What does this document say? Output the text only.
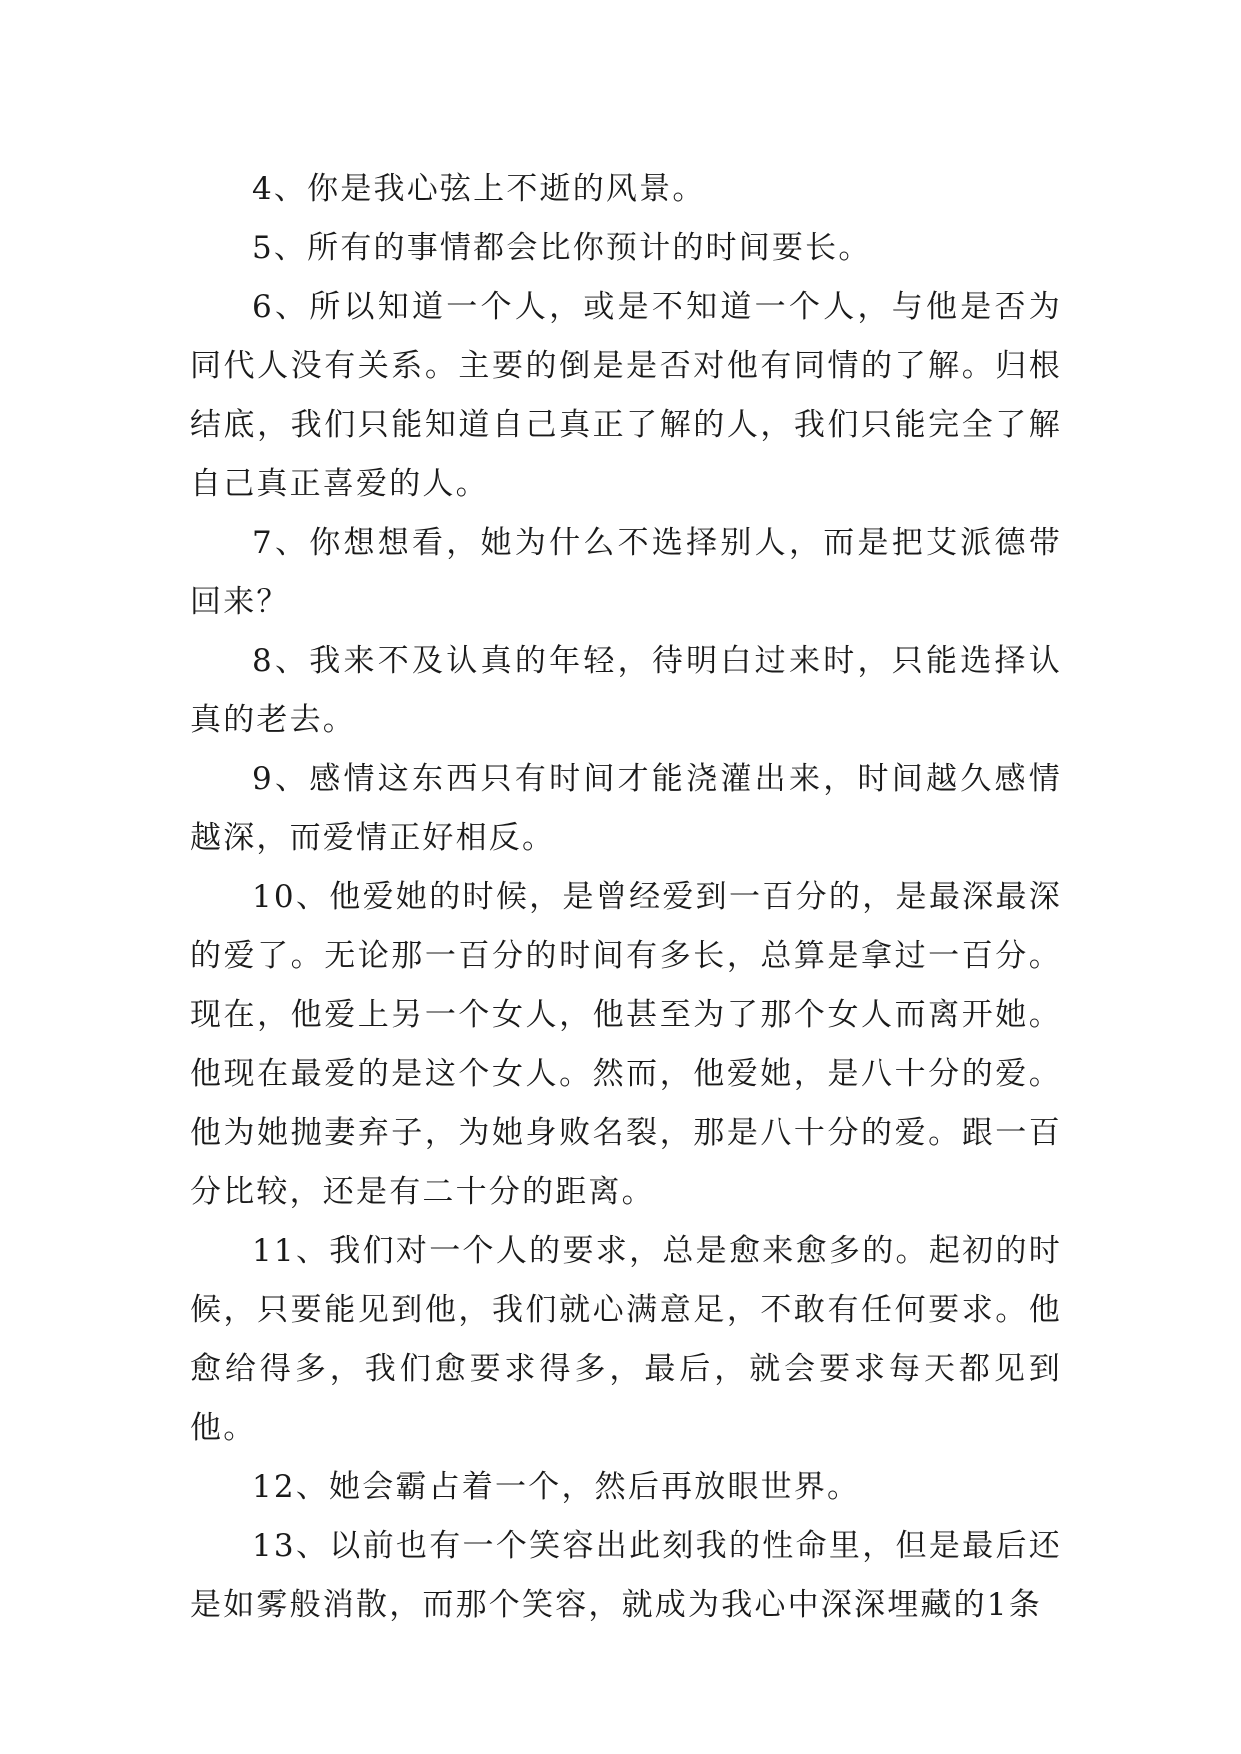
4、你是我心弦上不逝的风景。

5、所有的事情都会比你预计的时间要长。

6、所以知道一个人，或是不知道一个人，与他是否为同代人没有关系。主要的倒是是否对他有同情的了解。归根结底，我们只能知道自己真正了解的人，我们只能完全了解自己真正喜爱的人。

7、你想想看，她为什么不选择别人，而是把艾派德带回来？

8、我来不及认真的年轻，待明白过来时，只能选择认真的老去。

9、感情这东西只有时间才能浇灌出来，时间越久感情越深，而爱情正好相反。

10、他爱她的时候，是曾经爱到一百分的，是最深最深的爱了。无论那一百分的时间有多长，总算是拿过一百分。现在，他爱上另一个女人，他甚至为了那个女人而离开她。他现在最爱的是这个女人。然而，他爱她，是八十分的爱。他为她抛妻弃子，为她身败名裂，那是八十分的爱。跟一百分比较，还是有二十分的距离。

11、我们对一个人的要求，总是愈来愈多的。起初的时候，只要能见到他，我们就心满意足，不敢有任何要求。他愈给得多，我们愈要求得多，最后，就会要求每天都见到他。

12、她会霸占着一个，然后再放眼世界。

13、以前也有一个笑容出此刻我的性命里，但是最后还是如雾般消散，而那个笑容，就成为我心中深深埋藏的1条
